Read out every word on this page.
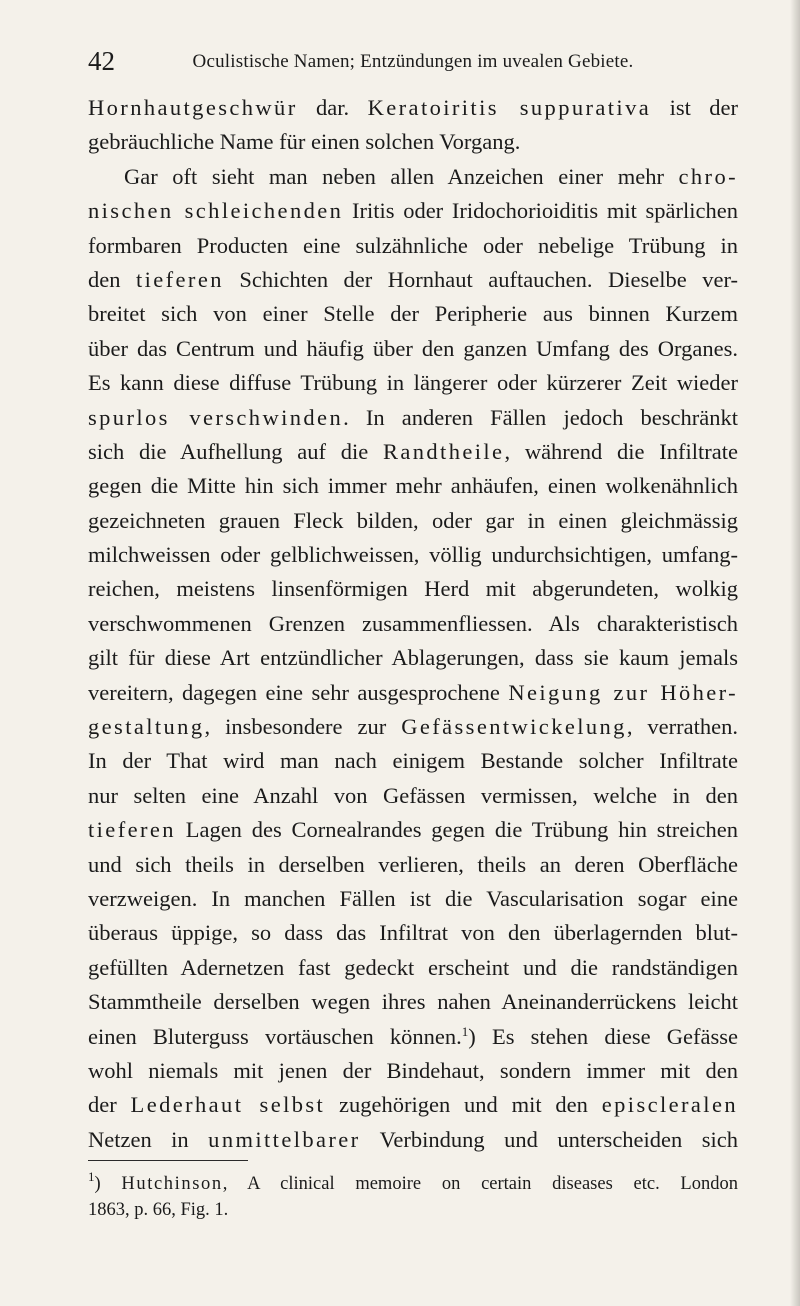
42	Oculistische Namen; Entzündungen im uvealen Gebiete.
Hornhautgeschwür dar. Keratoiritis suppurativa ist der
gebräuchliche Name für einen solchen Vorgang.
Gar oft sieht man neben allen Anzeichen einer mehr chro-
nischen schleichenden Iritis oder Iridochorioiditis mit spärlichen
formbaren Producten eine sulzähnliche oder nebelige Trübung in
den tieferen Schichten der Hornhaut auftauchen. Dieselbe ver-
breitet sich von einer Stelle der Peripherie aus binnen Kurzem
über das Centrum und häufig über den ganzen Umfang des Organes.
Es kann diese diffuse Trübung in längerer oder kürzerer Zeit wieder
spurlos verschwinden. In anderen Fällen jedoch beschränkt
sich die Aufhellung auf die Randtheile, während die Infiltrate
gegen die Mitte hin sich immer mehr anhäufen, einen wolkenähnlich
gezeichneten grauen Fleck bilden, oder gar in einen gleichmässig
milchweissen oder gelblichweissen, völlig undurchsichtigen, umfang-
reichen, meistens linsenförmigen Herd mit abgerundeten, wolkig
verschwommenen Grenzen zusammenfliessen. Als charakteristisch
gilt für diese Art entzündlicher Ablagerungen, dass sie kaum jemals
vereitern, dagegen eine sehr ausgesprochene Neigung zur Höher-
gestaltung, insbesondere zur Gefässentwickelung, verrathen.
In der That wird man nach einigem Bestande solcher Infiltrate
nur selten eine Anzahl von Gefässen vermissen, welche in den
tieferen Lagen des Cornealrandes gegen die Trübung hin streichen
und sich theils in derselben verlieren, theils an deren Oberfläche
verzweigen. In manchen Fällen ist die Vascularisation sogar eine
überaus üppige, so dass das Infiltrat von den überlagernden blut-
gefüllten Adernetzen fast gedeckt erscheint und die randständigen
Stammtheile derselben wegen ihres nahen Aneinanderrückens leicht
einen Bluterguss vortäuschen können.$^1$) Es stehen diese Gefässe
wohl niemals mit jenen der Bindehaut, sondern immer mit den
der Lederhaut selbst zugehörigen und mit den episcleralen
Netzen in unmittelbarer Verbindung und unterscheiden sich
$^1$) Hutchinson, A clinical memoire on certain diseases etc. London
1863, p. 66, Fig. 1.
